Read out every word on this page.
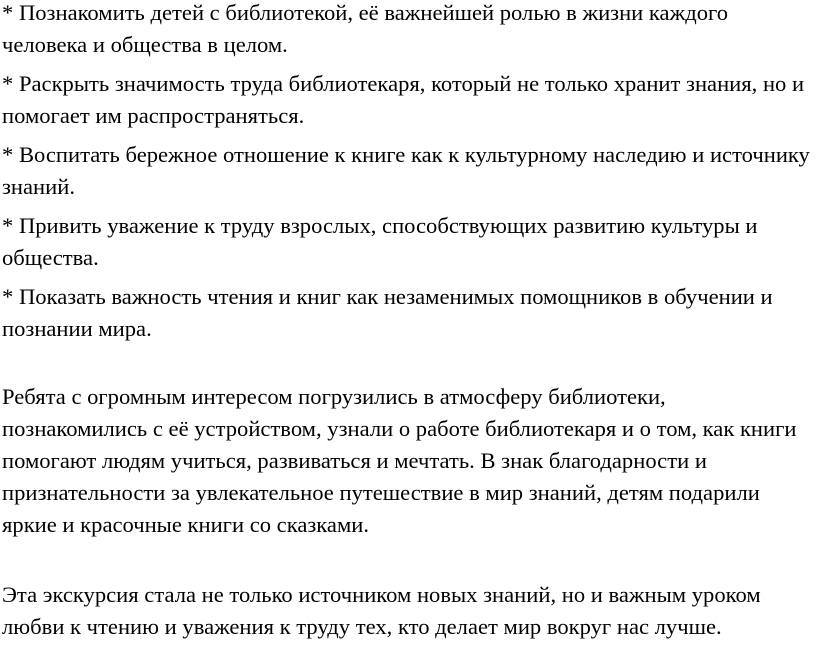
* Познакомить детей с библиотекой, её важнейшей ролью в жизни каждого человека и общества в целом.

* Раскрыть значимость труда библиотекаря, который не только хранит знания, но и помогает им распространяться.

* Воспитать бережное отношение к книге как к культурному наследию и источнику знаний.

* Привить уважение к труду взрослых, способствующих развитию культуры и общества.

* Показать важность чтения и книг как незаменимых помощников в обучении и познании мира.

Ребята с огромным интересом погрузились в атмосферу библиотеки, познакомились с её устройством, узнали о работе библиотекаря и о том, как книги помогают людям учиться, развиваться и мечтать. В знак благодарности и признательности за увлекательное путешествие в мир знаний, детям подарили яркие и красочные книги со сказками.

Эта экскурсия стала не только источником новых знаний, но и важным уроком любви к чтению и уважения к труду тех, кто делает мир вокруг нас лучше.
